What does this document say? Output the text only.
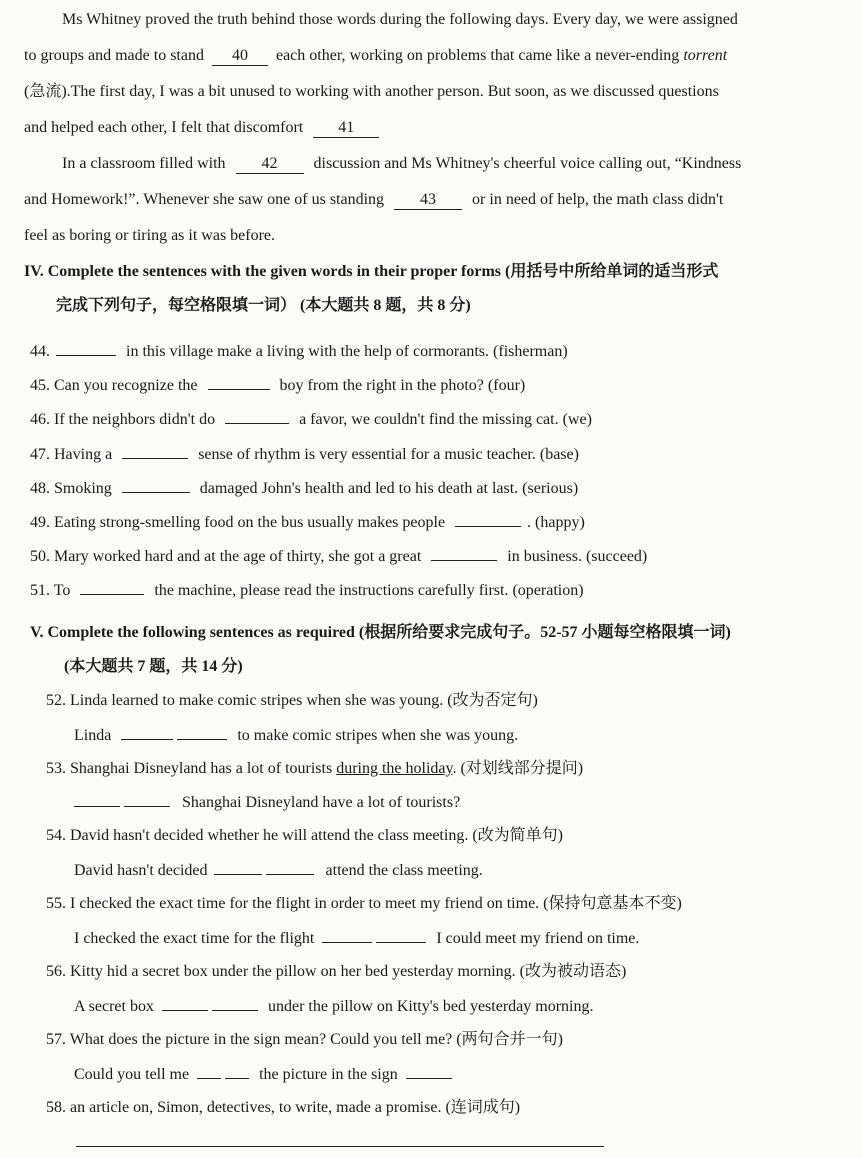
Ms Whitney proved the truth behind those words during the following days. Every day, we were assigned
to groups and made to stand 40 each other, working on problems that came like a never-ending torrent
(急流).The first day, I was a bit unused to working with another person. But soon, as we discussed questions
and helped each other, I felt that discomfort 41
In a classroom filled with 42 discussion and Ms Whitney's cheerful voice calling out, “Kindness
and Homework!”. Whenever she saw one of us standing 43 or in need of help, the math class didn't
feel as boring or tiring as it was before.
IV. Complete the sentences with the given words in their proper forms (用括号中所给单词的适当形式
完成下列句子，每空格限填一词） (本大题共 8 题，共 8 分)
44.	in this village make a living with the help of cormorants. (fisherman)
45. Can you recognize the	boy from the right in the photo? (four)
46. If the neighbors didn't do	a favor, we couldn't find the missing cat. (we)
47. Having a	sense of rhythm is very essential for a music teacher. (base)
48. Smoking	damaged John's health and led to his death at last. (serious)
49. Eating strong-smelling food on the bus usually makes people	. (happy)
50. Mary worked hard and at the age of thirty, she got a great	in business. (succeed)
51. To	the machine, please read the instructions carefully first. (operation)
V. Complete the following sentences as required (根据所给要求完成句子。52-57 小题每空格限填一词)
(本大题共 7 题，共 14 分)
52. Linda learned to make comic stripes when she was young. (改为否定句)
Linda	to make comic stripes when she was young.
53. Shanghai Disneyland has a lot of tourists during the holiday. (对划线部分提问)
Shanghai Disneyland have a lot of tourists?
54. David hasn't decided whether he will attend the class meeting. (改为简单句)
David hasn't decided	attend the class meeting.
55. I checked the exact time for the flight in order to meet my friend on time. (保持句意基本不变)
I checked the exact time for the flight	I could meet my friend on time.
56. Kitty hid a secret box under the pillow on her bed yesterday morning. (改为被动语态)
A secret box	under the pillow on Kitty's bed yesterday morning.
57. What does the picture in the sign mean? Could you tell me? (两句合并一句)
Could you tell me	the picture in the sign
58. an article on, Simon, detectives, to write, made a promise. (连词成句)
